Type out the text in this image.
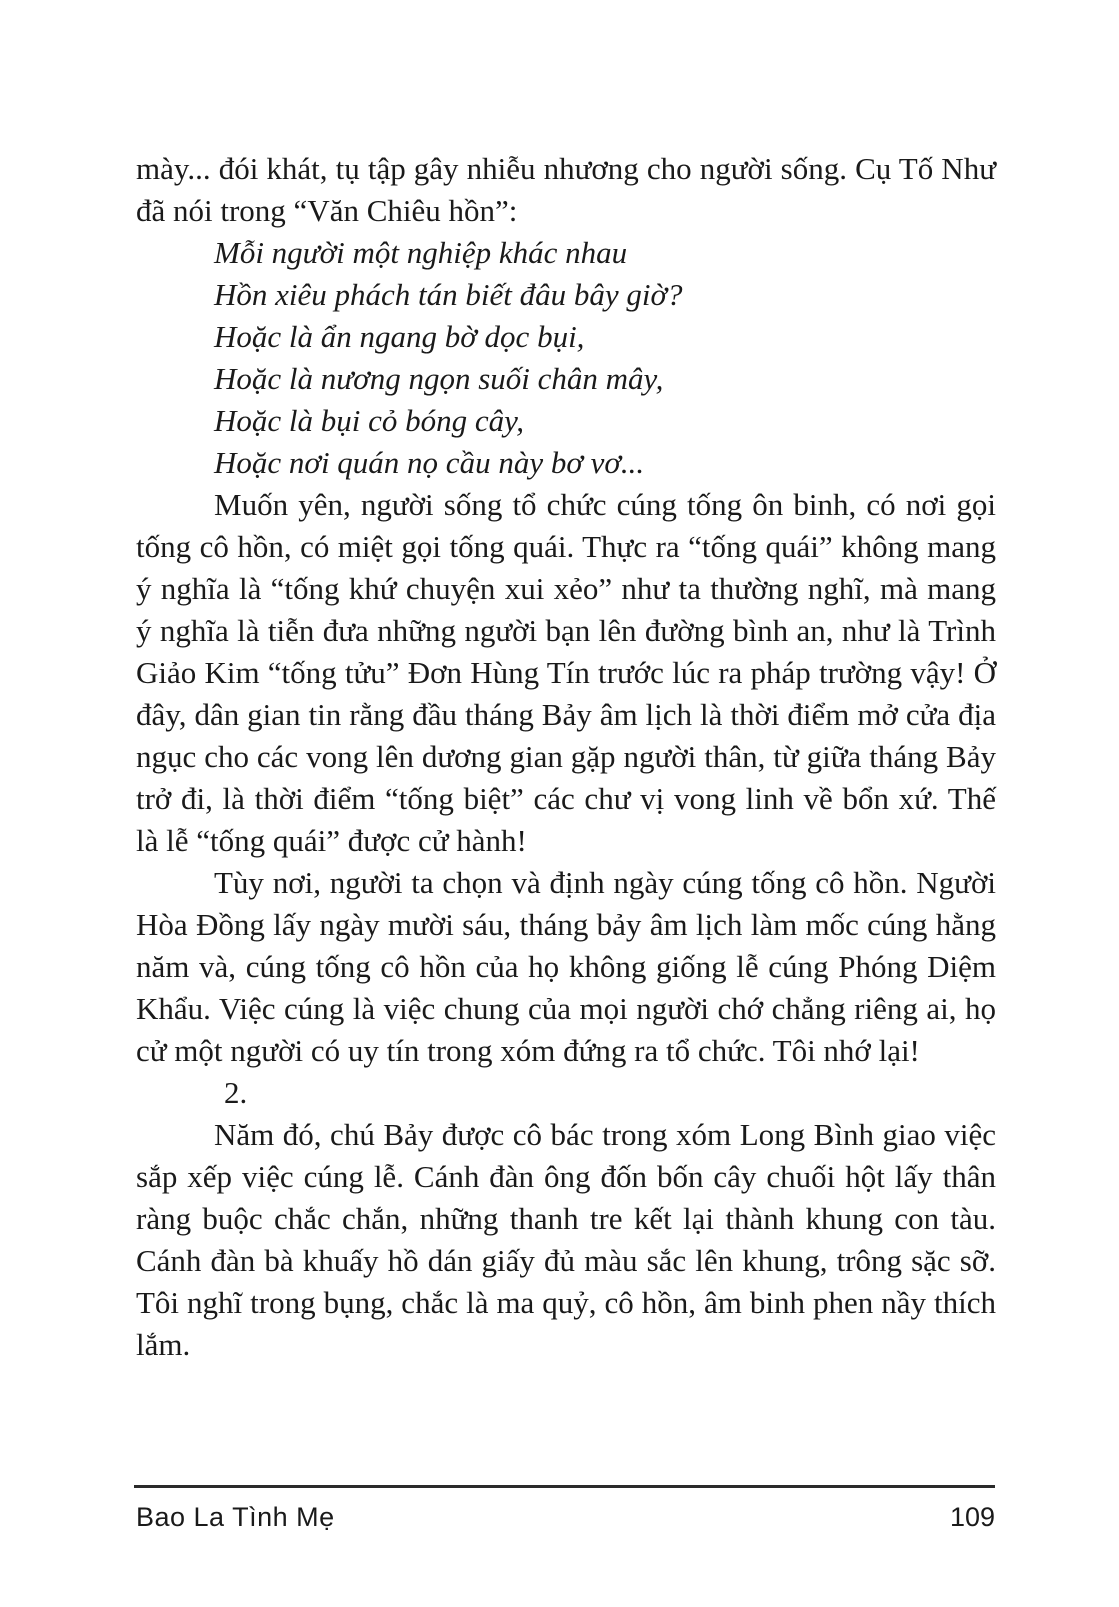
mày... đói khát, tụ tập gây nhiễu nhương cho người sống. Cụ Tố Như đã nói trong “Văn Chiêu hồn”:

Mỗi người một nghiệp khác nhau
Hồn xiêu phách tán biết đâu bây giờ?
Hoặc là ẩn ngang bờ dọc bụi,
Hoặc là nương ngọn suối chân mây,
Hoặc là bụi cỏ bóng cây,
Hoặc nơi quán nọ cầu này bơ vơ...

Muốn yên, người sống tổ chức cúng tống ôn binh, có nơi gọi tống cô hồn, có miệt gọi tống quái. Thực ra “tống quái” không mang ý nghĩa là “tống khứ chuyện xui xẻo” như ta thường nghĩ, mà mang ý nghĩa là tiễn đưa những người bạn lên đường bình an, như là Trình Giảo Kim “tống tửu” Đơn Hùng Tín trước lúc ra pháp trường vậy! Ở đây, dân gian tin rằng đầu tháng Bảy âm lịch là thời điểm mở cửa địa ngục cho các vong lên dương gian gặp người thân, từ giữa tháng Bảy trở đi, là thời điểm “tống biệt” các chư vị vong linh về bổn xứ. Thế là lễ “tống quái” được cử hành!

Tùy nơi, người ta chọn và định ngày cúng tống cô hồn. Người Hòa Đồng lấy ngày mười sáu, tháng bảy âm lịch làm mốc cúng hằng năm và, cúng tống cô hồn của họ không giống lễ cúng Phóng Diệm Khẩu. Việc cúng là việc chung của mọi người chớ chẳng riêng ai, họ cử một người có uy tín trong xóm đứng ra tổ chức. Tôi nhớ lại!

2.

Năm đó, chú Bảy được cô bác trong xóm Long Bình giao việc sắp xếp việc cúng lễ. Cánh đàn ông đốn bốn cây chuối hột lấy thân ràng buộc chắc chắn, những thanh tre kết lại thành khung con tàu. Cánh đàn bà khuấy hồ dán giấy đủ màu sắc lên khung, trông sặc sỡ. Tôi nghĩ trong bụng, chắc là ma quỷ, cô hồn, âm binh phen nầy thích lắm.

Bao La Tình Mẹ	109
